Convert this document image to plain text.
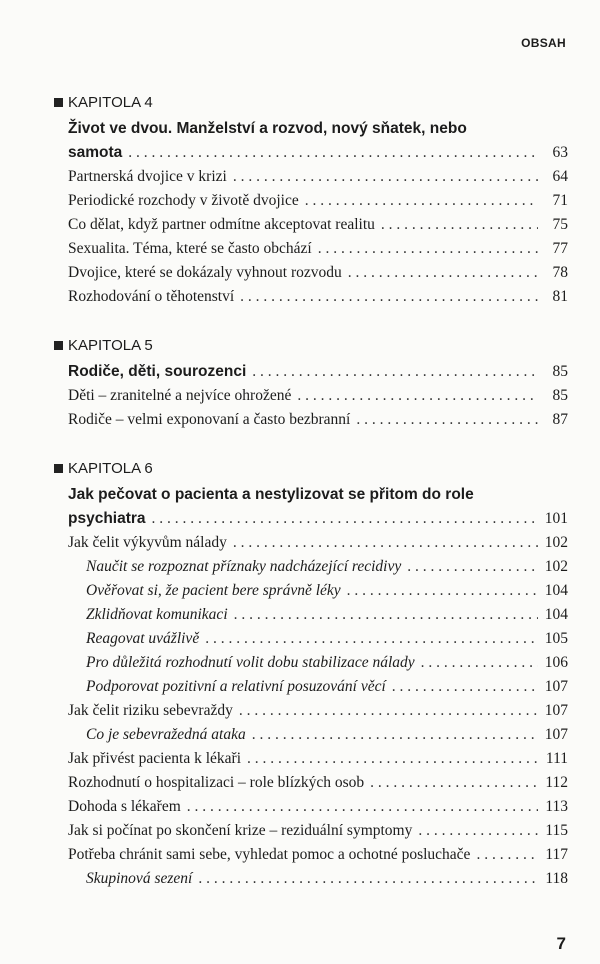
OBSAH
KAPITOLA 4
Život ve dvou. Manželství a rozvod, nový sňatek, nebo
samota . . .	63
Partnerská dvojice v krizi . . .	64
Periodické rozchody v životě dvojice . . .	71
Co dělat, když partner odmítne akceptovat realitu . . .	75
Sexualita. Téma, které se často obchází . . .	77
Dvojice, které se dokázaly vyhnout rozvodu . . .	78
Rozhodování o těhotenství . . .	81
KAPITOLA 5
Rodiče, děti, sourozenci . . .	85
Děti – zranitelné a nejvíce ohrožené . . .	85
Rodiče – velmi exponovaní a často bezbranní . . .	87
KAPITOLA 6
Jak pečovat o pacienta a nestylizovat se přitom do role
psychiatra . . .	101
Jak čelit výkyvům nálady . . .	102
Naučit se rozpoznat příznaky nadcházející recidivy . . .	102
Ověřovat si, že pacient bere správně léky . . .	104
Zklidňovat komunikaci . . .	104
Reagovat uvážlivě . . .	105
Pro důležitá rozhodnutí volit dobu stabilizace nálady . . .	106
Podporovat pozitivní a relativní posuzování věcí . . .	107
Jak čelit riziku sebevraždy . . .	107
Co je sebevražedná ataka . . .	107
Jak přivést pacienta k lékaři . . .	111
Rozhodnutí o hospitalizaci – role blízkých osob . . .	112
Dohoda s lékařem . . .	113
Jak si počínat po skončení krize – reziduální symptomy . . .	115
Potřeba chránit sami sebe, vyhledat pomoc a ochotné posluchače . . .	117
Skupinová sezení . . .	118
7
